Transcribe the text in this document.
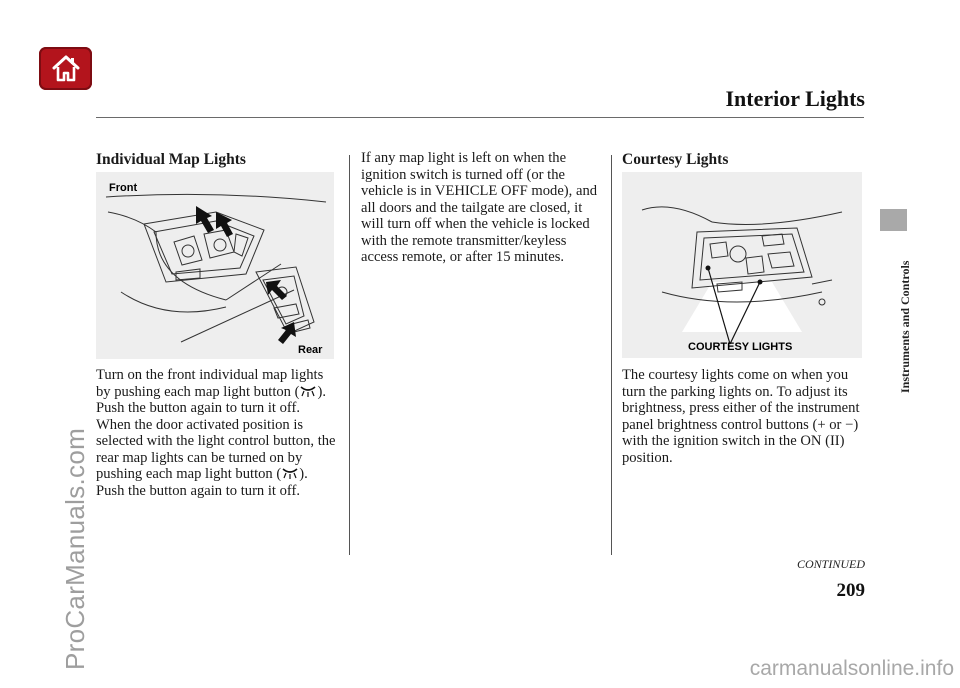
Interior Lights
Instruments and Controls
Individual Map Lights
Front
Rear

Turn on the front individual map lights by pushing each map light button ( ). Push the button again to turn it off. When the door activated position is selected with the light control button, the rear map lights can be turned on by pushing each map light button ( ). Push the button again to turn it off.

If any map light is left on when the ignition switch is turned off (or the vehicle is in VEHICLE OFF mode), and all doors and the tailgate are closed, it will turn off when the vehicle is locked with the remote transmitter/keyless access remote, or after 15 minutes.

Courtesy Lights
COURTESY LIGHTS

The courtesy lights come on when you turn the parking lights on. To adjust its brightness, press either of the instrument panel brightness control buttons (+ or −) with the ignition switch in the ON (II) position.

CONTINUED
209
ProCarManuals.com	carmanualsonline.info
